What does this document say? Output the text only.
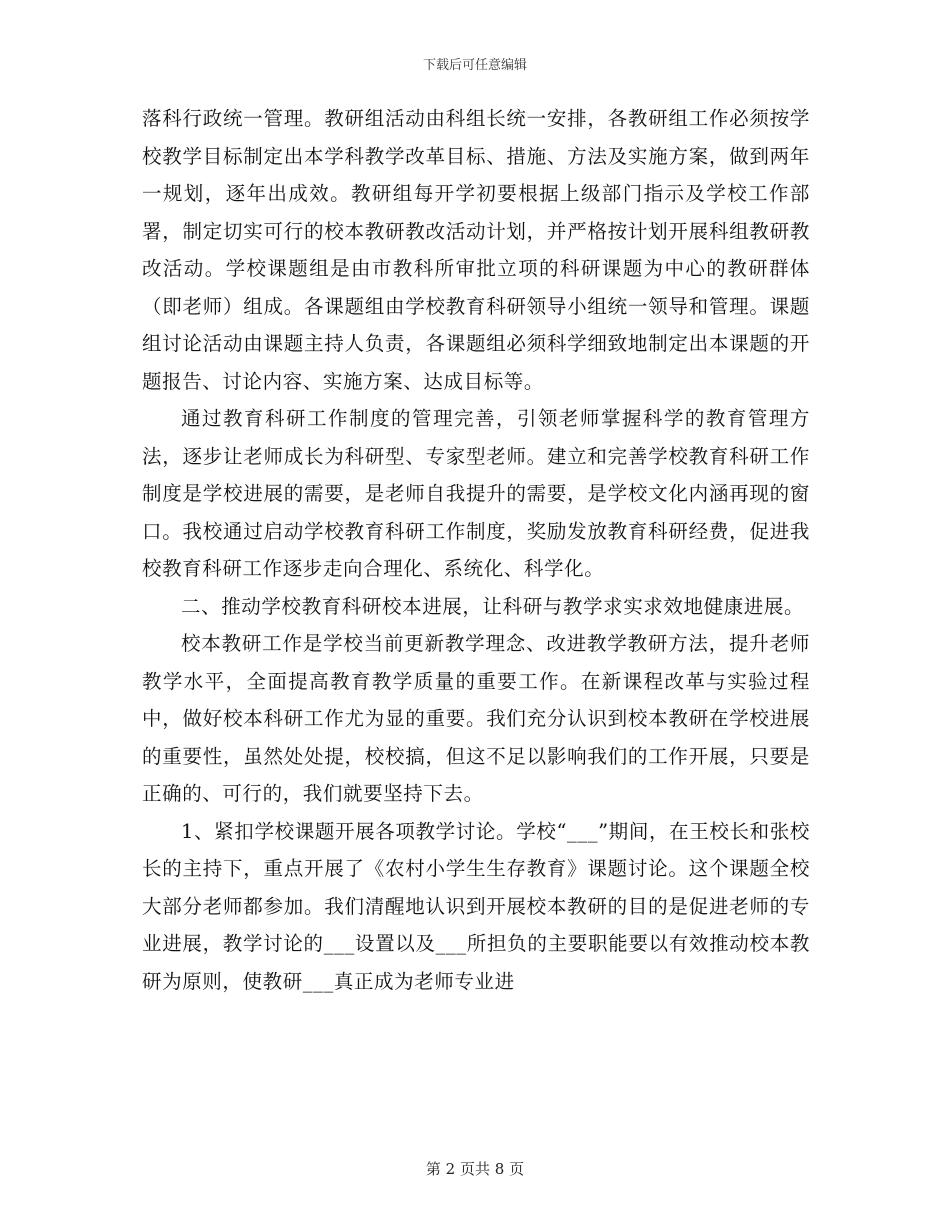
下载后可任意编辑

落科行政统一管理。教研组活动由科组长统一安排，各教研组工作必须按学校教学目标制定出本学科教学改革目标、措施、方法及实施方案，做到两年一规划，逐年出成效。教研组每开学初要根据上级部门指示及学校工作部署，制定切实可行的校本教研教改活动计划，并严格按计划开展科组教研教改活动。学校课题组是由市教科所审批立项的科研课题为中心的教研群体（即老师）组成。各课题组由学校教育科研领导小组统一领导和管理。课题组讨论活动由课题主持人负责，各课题组必须科学细致地制定出本课题的开题报告、讨论内容、实施方案、达成目标等。

通过教育科研工作制度的管理完善，引领老师掌握科学的教育管理方法，逐步让老师成长为科研型、专家型老师。建立和完善学校教育科研工作制度是学校进展的需要，是老师自我提升的需要，是学校文化内涵再现的窗口。我校通过启动学校教育科研工作制度，奖励发放教育科研经费，促进我校教育科研工作逐步走向合理化、系统化、科学化。

二、推动学校教育科研校本进展，让科研与教学求实求效地健康进展。

校本教研工作是学校当前更新教学理念、改进教学教研方法，提升老师教学水平，全面提高教育教学质量的重要工作。在新课程改革与实验过程中，做好校本科研工作尤为显的重要。我们充分认识到校本教研在学校进展的重要性，虽然处处提，校校搞，但这不足以影响我们的工作开展，只要是正确的、可行的，我们就要坚持下去。

1、紧扣学校课题开展各项教学讨论。学校“___”期间，在王校长和张校长的主持下，重点开展了《农村小学生生存教育》课题讨论。这个课题全校大部分老师都参加。我们清醒地认识到开展校本教研的目的是促进老师的专业进展，教学讨论的___设置以及___所担负的主要职能要以有效推动校本教研为原则，使教研___真正成为老师专业进

第 2 页共 8 页
